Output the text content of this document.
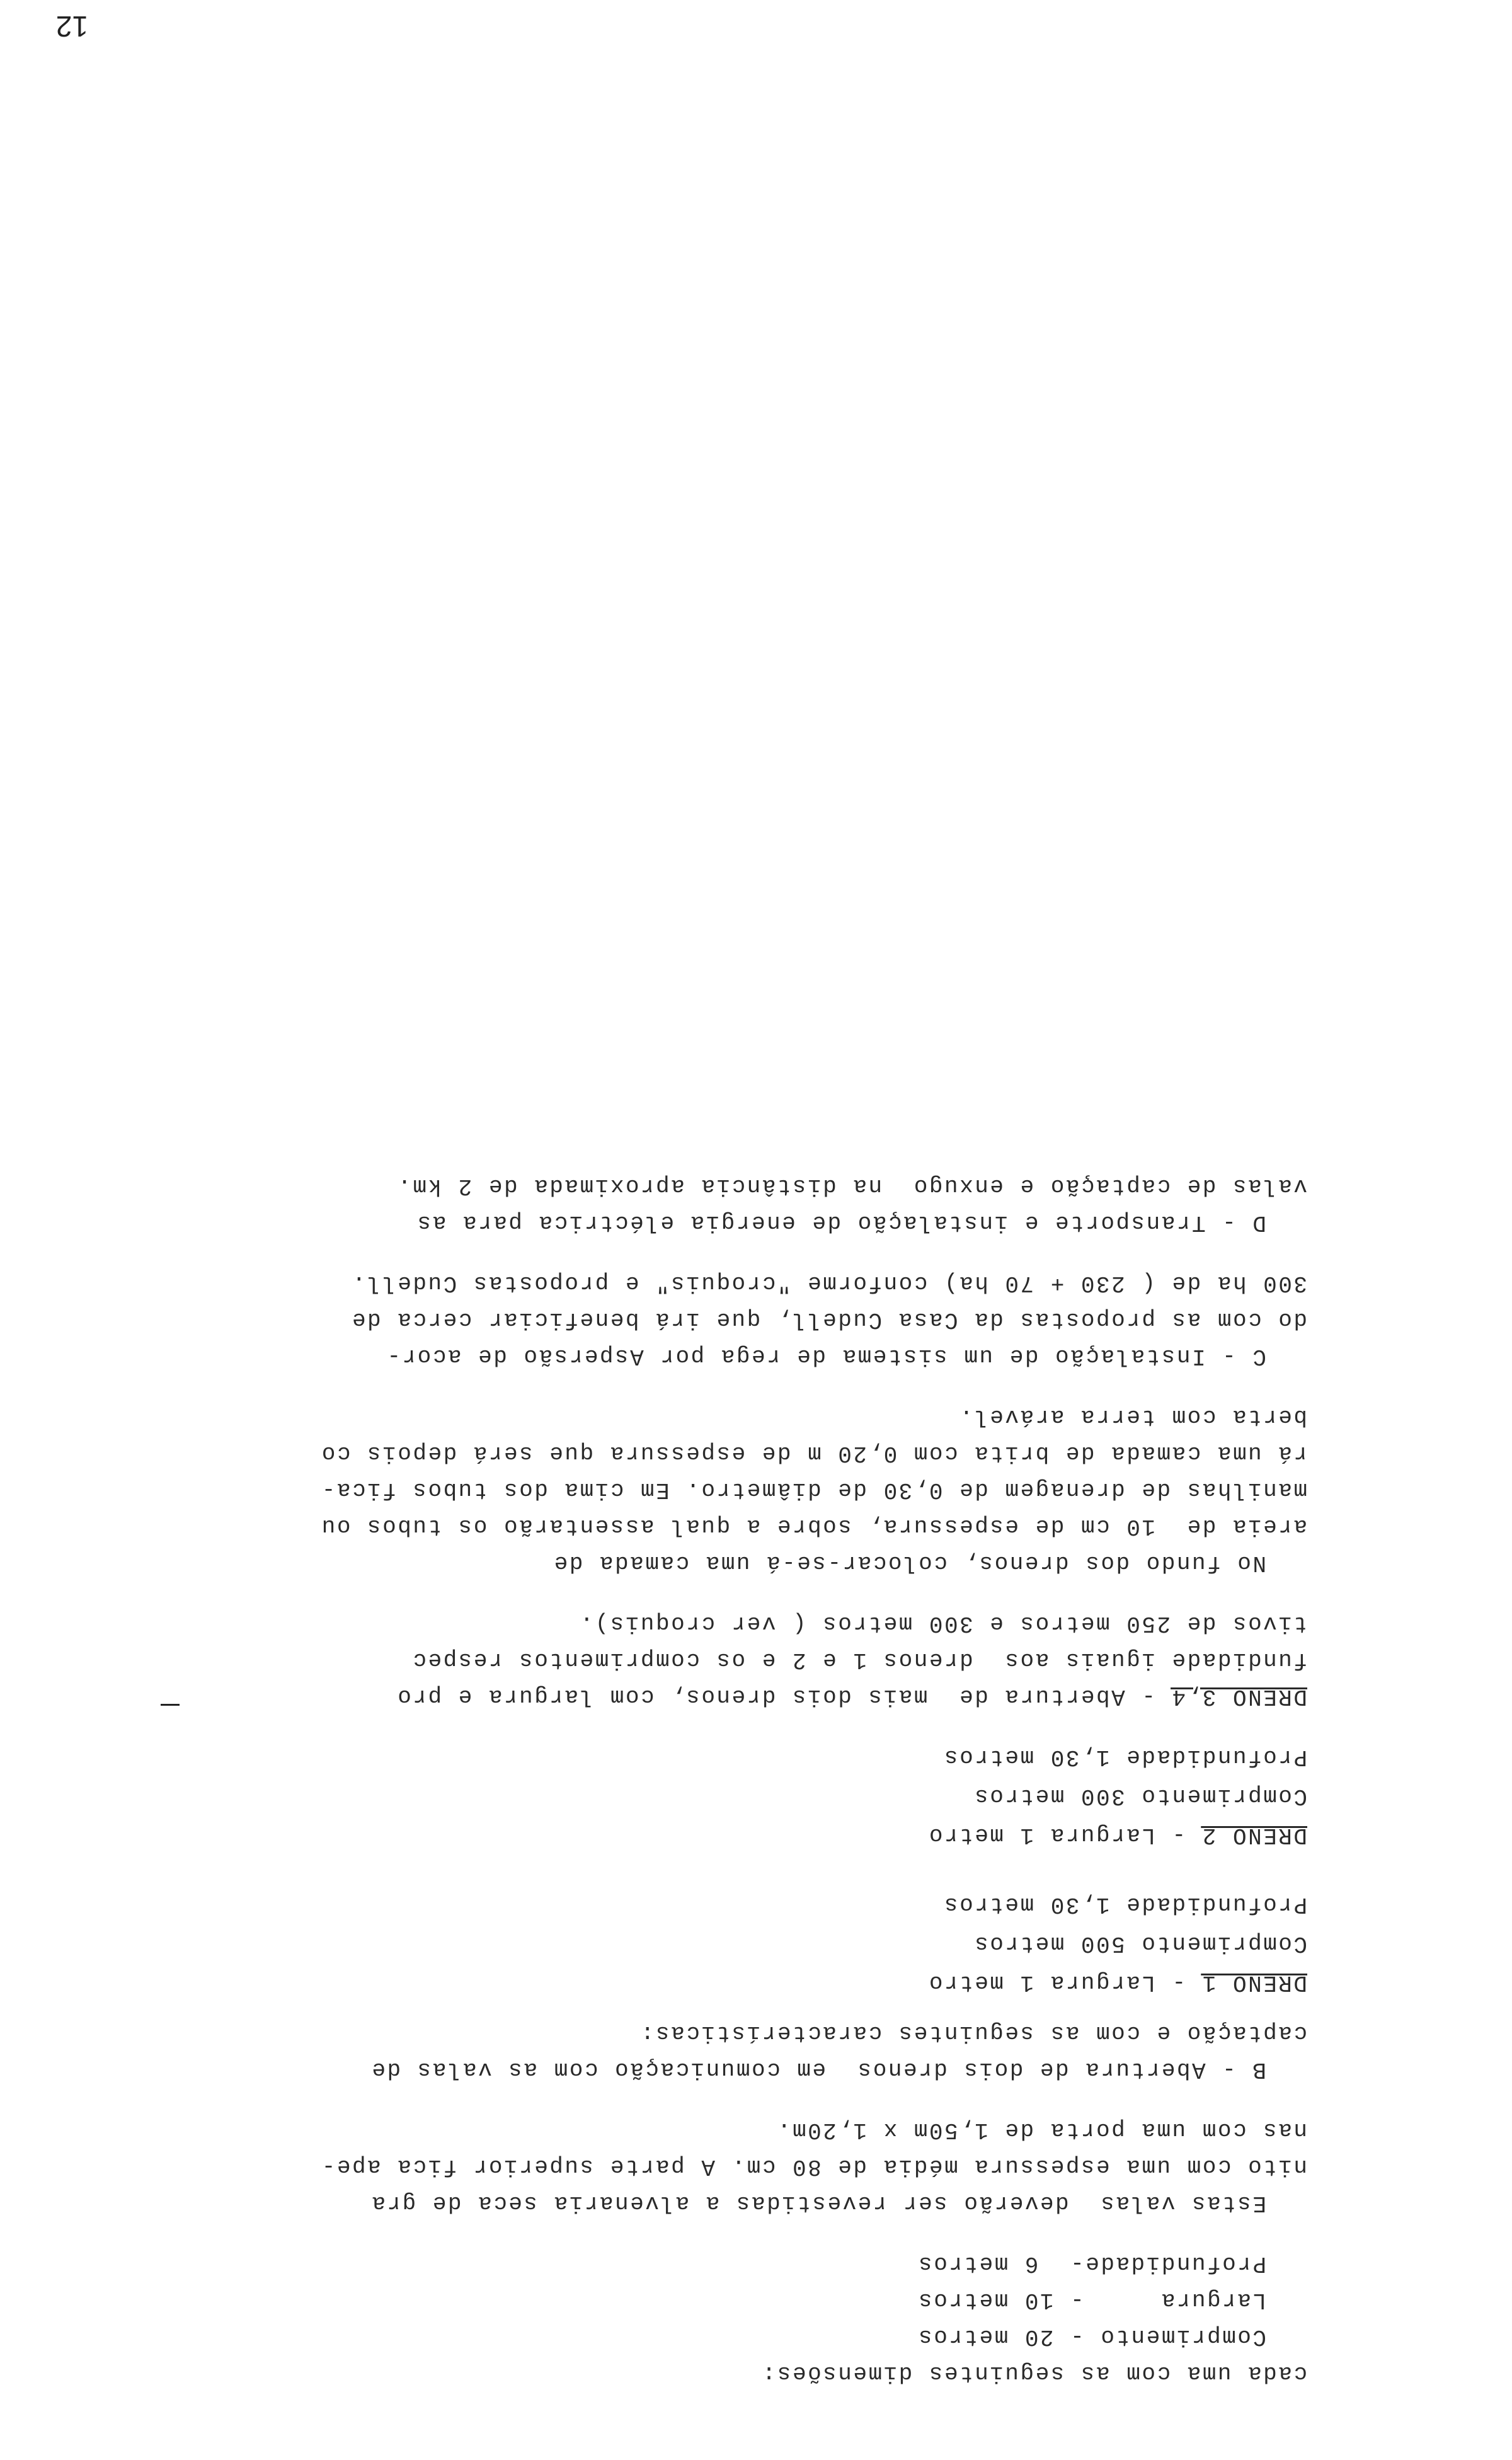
cada uma com as seguintes dimensões:
Comprimento - 20 metros
Largura     - 10 metros
Profundidade-  6 metros
Estas valas  deverão ser revestidas a alvenaria seca de gra
nito com uma espessura média de 80 cm. A parte superior fica ape-
nas com uma porta de 1,50m x 1,20m.
B - Abertura de dois drenos  em comunicação com as valas de
captação e com as seguintes características:
DRENO 1 - Largura 1 metro
Comprimento 500 metros
Profundidade 1,30 metros
DRENO 2 - Largura 1 metro
Comprimento 300 metros
Profundidade 1,30 metros
DRENO 3,4 - Abertura de  mais dois drenos, com largura e pro
fundidade iguais aos  drenos 1 e 2 e os comprimentos respec
tivos de 250 metros e 300 metros ( ver croquis).
No fundo dos drenos, colocar-se-á uma camada de
areia de  10 cm de espessura, sobre a qual assentarão os tubos ou
manilhas de drenagem de 0,30 de diâmetro. Em cima dos tubos fica-
rá uma camada de brita com 0,20 m de espessura que será depois co
berta com terra arável.
C - Instalação de um sistema de rega por Aspersão de acor-
do com as propostas da Casa Cudell, que irá beneficiar cerca de
300 ha de ( 230 + 70 ha) conforme "croquis" e propostas Cudell.
D - Transporte e instalação de energia eléctrica para as
valas de captação e enxugo  na distância aproximada de 2 km.
12
